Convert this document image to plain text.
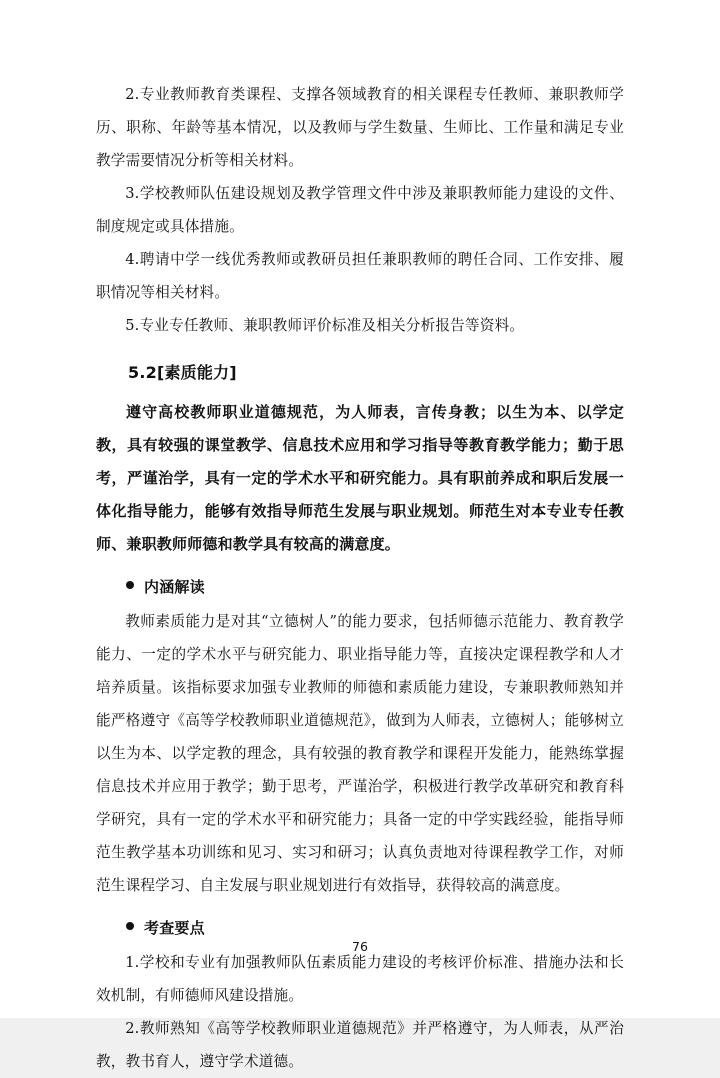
2.专业教师教育类课程、支撑各领域教育的相关课程专任教师、兼职教师学历、职称、年龄等基本情况，以及教师与学生数量、生师比、工作量和满足专业教学需要情况分析等相关材料。

3.学校教师队伍建设规划及教学管理文件中涉及兼职教师能力建设的文件、制度规定或具体措施。

4.聘请中学一线优秀教师或教研员担任兼职教师的聘任合同、工作安排、履职情况等相关材料。

5.专业专任教师、兼职教师评价标准及相关分析报告等资料。

5.2[素质能力]

遵守高校教师职业道德规范，为人师表，言传身教；以生为本、以学定教，具有较强的课堂教学、信息技术应用和学习指导等教育教学能力；勤于思考，严谨治学，具有一定的学术水平和研究能力。具有职前养成和职后发展一体化指导能力，能够有效指导师范生发展与职业规划。师范生对本专业专任教师、兼职教师师德和教学具有较高的满意度。

内涵解读

教师素质能力是对其“立德树人”的能力要求，包括师德示范能力、教育教学能力、一定的学术水平与研究能力、职业指导能力等，直接决定课程教学和人才培养质量。该指标要求加强专业教师的师德和素质能力建设，专兼职教师熟知并能严格遵守《高等学校教师职业道德规范》，做到为人师表，立德树人；能够树立以生为本、以学定教的理念，具有较强的教育教学和课程开发能力，能熟练掌握信息技术并应用于教学；勤于思考，严谨治学，积极进行教学改革研究和教育科学研究，具有一定的学术水平和研究能力；具备一定的中学实践经验，能指导师范生教学基本功训练和见习、实习和研习；认真负责地对待课程教学工作，对师范生课程学习、自主发展与职业规划进行有效指导，获得较高的满意度。

考查要点

1.学校和专业有加强教师队伍素质能力建设的考核评价标准、措施办法和长效机制，有师德师风建设措施。

2.教师熟知《高等学校教师职业道德规范》并严格遵守，为人师表，从严治教，教书育人，遵守学术道德。

76
